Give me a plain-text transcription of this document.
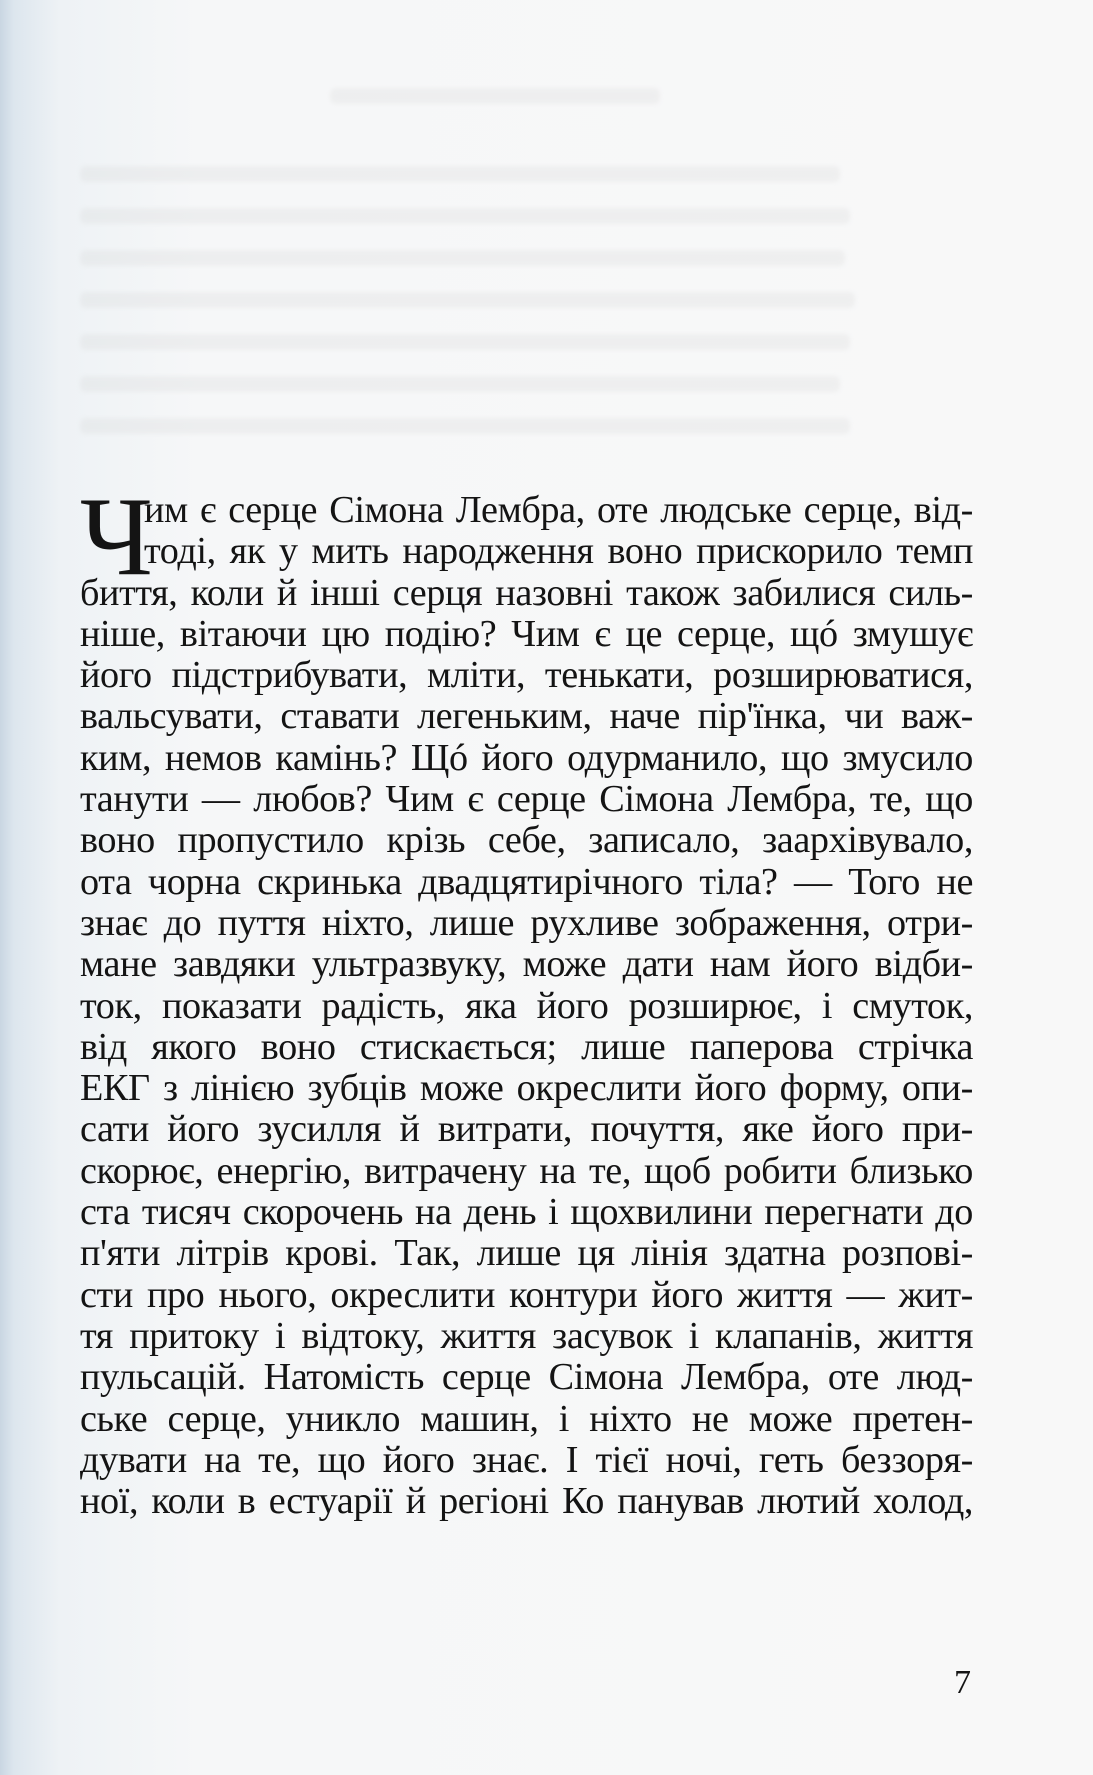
Ч
им є серце Сімона Лембра, оте людське серце, від-
тоді, як у мить народження воно прискорило темп
биття, коли й інші серця назовні також забилися силь-
ніше, вітаючи цю подію? Чим є це серце, щó змушує
його підстрибувати, мліти, тенькати, розширюватися,
вальсувати, ставати легеньким, наче пір'їнка, чи важ-
ким, немов камінь? Щó його одурманило, що змусило
танути — любов? Чим є серце Сімона Лембра, те, що
воно пропустило крізь себе, записало, заархівувало,
ота чорна скринька двадцятирічного тіла? — Того не
знає до пуття ніхто, лише рухливе зображення, отри-
мане завдяки ультразвуку, може дати нам його відби-
ток, показати радість, яка його розширює, і смуток,
від якого воно стискається; лише паперова стрічка
ЕКГ з лінією зубців може окреслити його форму, опи-
сати його зусилля й витрати, почуття, яке його при-
скорює, енергію, витрачену на те, щоб робити близько
ста тисяч скорочень на день і щохвилини перегнати до
п'яти літрів крові. Так, лише ця лінія здатна розпові-
сти про нього, окреслити контури його життя — жит-
тя притоку і відтоку, життя засувок і клапанів, життя
пульсацій. Натомість серце Сімона Лембра, оте люд-
ське серце, уникло машин, і ніхто не може претен-
дувати на те, що його знає. І тієї ночі, геть беззоря-
ної, коли в естуарії й регіоні Ко панував лютий холод,
7
